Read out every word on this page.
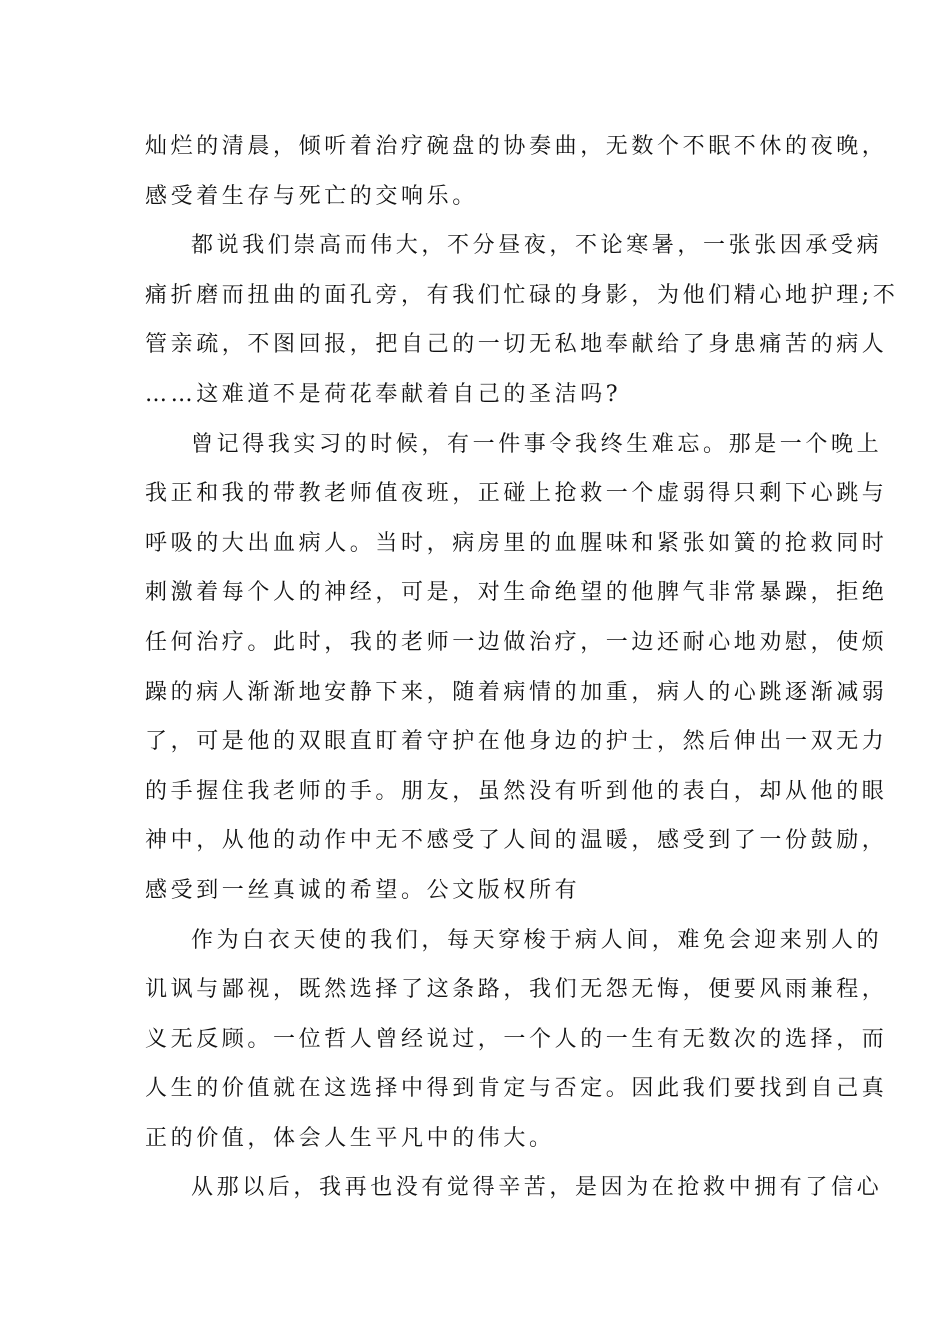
灿烂的清晨，倾听着治疗碗盘的协奏曲，无数个不眠不休的夜晚，
感受着生存与死亡的交响乐。
都说我们崇高而伟大，不分昼夜，不论寒暑，一张张因承受病
痛折磨而扭曲的面孔旁，有我们忙碌的身影，为他们精心地护理;不
管亲疏，不图回报，把自己的一切无私地奉献给了身患痛苦的病人
……这难道不是荷花奉献着自己的圣洁吗?
曾记得我实习的时候，有一件事令我终生难忘。那是一个晚上
我正和我的带教老师值夜班，正碰上抢救一个虚弱得只剩下心跳与
呼吸的大出血病人。当时，病房里的血腥味和紧张如簧的抢救同时
刺激着每个人的神经，可是，对生命绝望的他脾气非常暴躁，拒绝
任何治疗。此时，我的老师一边做治疗，一边还耐心地劝慰，使烦
躁的病人渐渐地安静下来，随着病情的加重，病人的心跳逐渐减弱
了，可是他的双眼直盯着守护在他身边的护士，然后伸出一双无力
的手握住我老师的手。朋友，虽然没有听到他的表白，却从他的眼
神中，从他的动作中无不感受了人间的温暖，感受到了一份鼓励，
感受到一丝真诚的希望。公文版权所有
作为白衣天使的我们，每天穿梭于病人间，难免会迎来别人的
讥讽与鄙视，既然选择了这条路，我们无怨无悔，便要风雨兼程，
义无反顾。一位哲人曾经说过，一个人的一生有无数次的选择，而
人生的价值就在这选择中得到肯定与否定。因此我们要找到自己真
正的价值，体会人生平凡中的伟大。
从那以后，我再也没有觉得辛苦，是因为在抢救中拥有了信心
